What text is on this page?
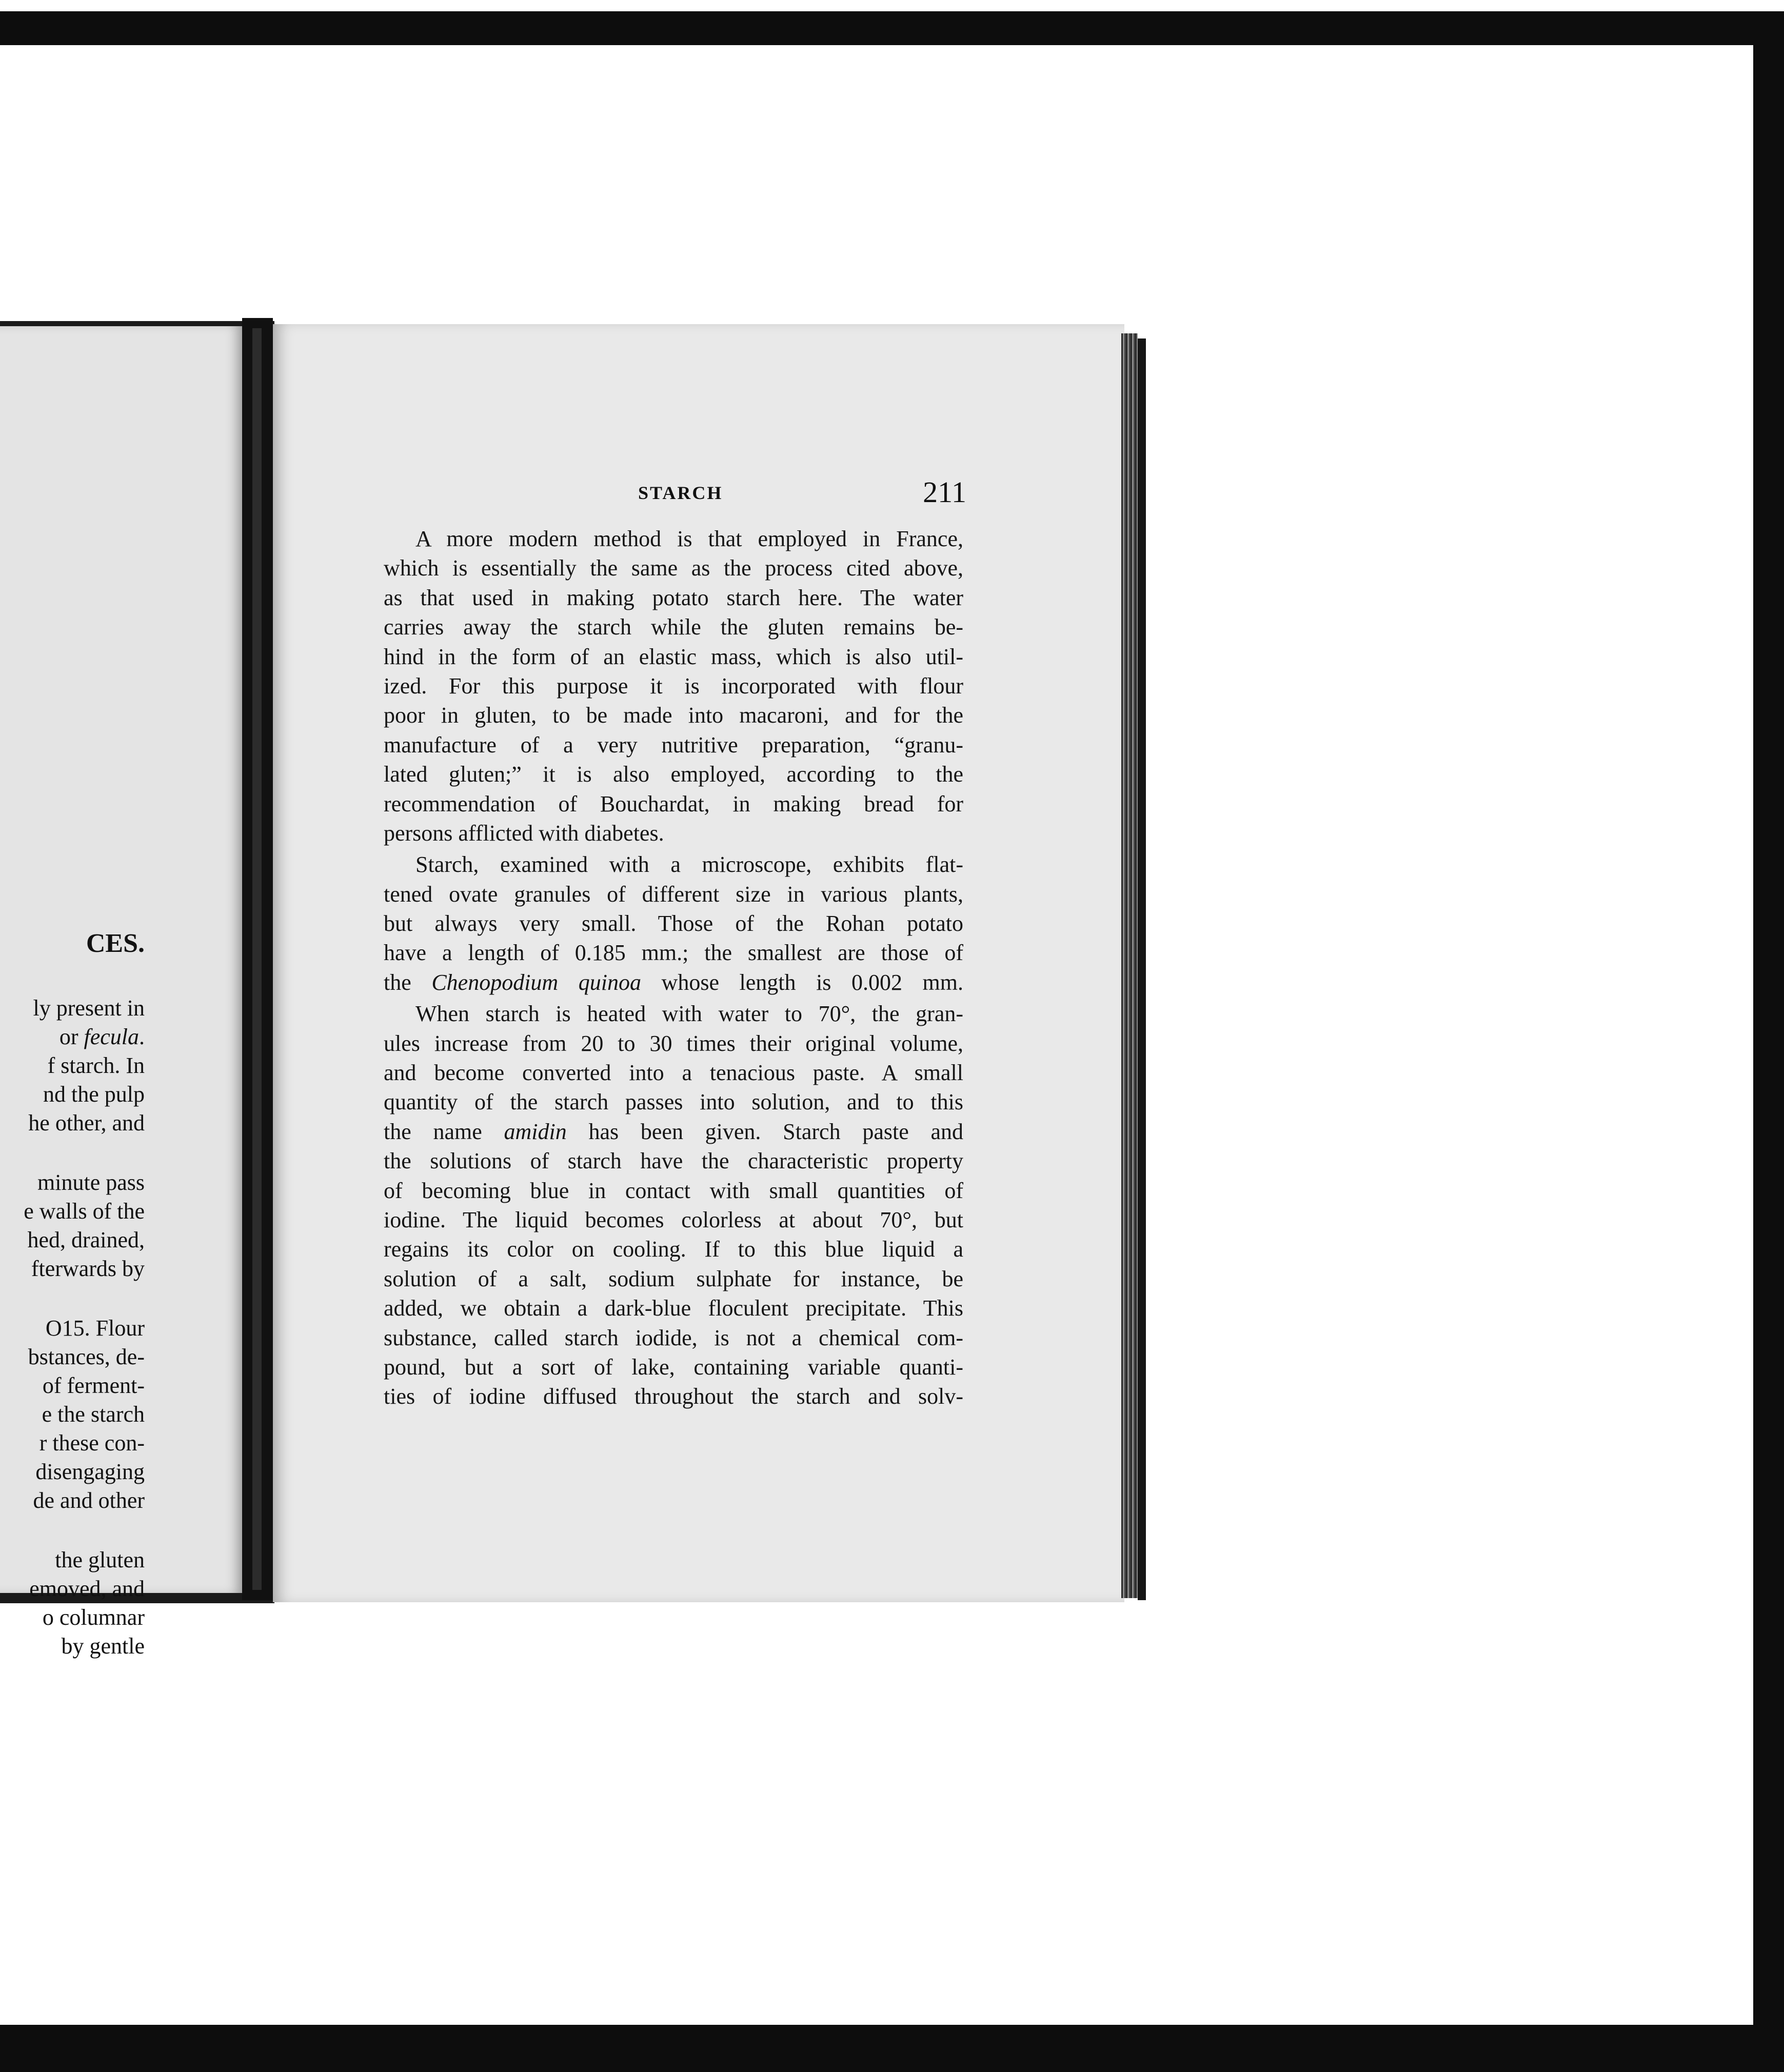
CES.
ly present in
or fecula.
f starch. In
nd the pulp
he other, and
minute pass
e walls of the
hed, drained,
fterwards by
O15. Flour
bstances, de-
of ferment-
e the starch
r these con-
disengaging
de and other
the gluten
emoved, and
o columnar
by gentle
STARCH	211
A more modern method is that employed in France,
which is essentially the same as the process cited above,
as that used in making potato starch here. The water
carries away the starch while the gluten remains be-
hind in the form of an elastic mass, which is also util-
ized. For this purpose it is incorporated with flour
poor in gluten, to be made into macaroni, and for the
manufacture of a very nutritive preparation, “granu-
lated gluten;” it is also employed, according to the
recommendation of Bouchardat, in making bread for
persons afflicted with diabetes.
Starch, examined with a microscope, exhibits flat-
tened ovate granules of different size in various plants,
but always very small. Those of the Rohan potato
have a length of 0.185 mm.; the smallest are those of
the Chenopodium quinoa whose length is 0.002 mm.
When starch is heated with water to 70°, the gran-
ules increase from 20 to 30 times their original volume,
and become converted into a tenacious paste. A small
quantity of the starch passes into solution, and to this
the name amidin has been given. Starch paste and
the solutions of starch have the characteristic property
of becoming blue in contact with small quantities of
iodine. The liquid becomes colorless at about 70°, but
regains its color on cooling. If to this blue liquid a
solution of a salt, sodium sulphate for instance, be
added, we obtain a dark-blue floculent precipitate. This
substance, called starch iodide, is not a chemical com-
pound, but a sort of lake, containing variable quanti-
ties of iodine diffused throughout the starch and solv-
